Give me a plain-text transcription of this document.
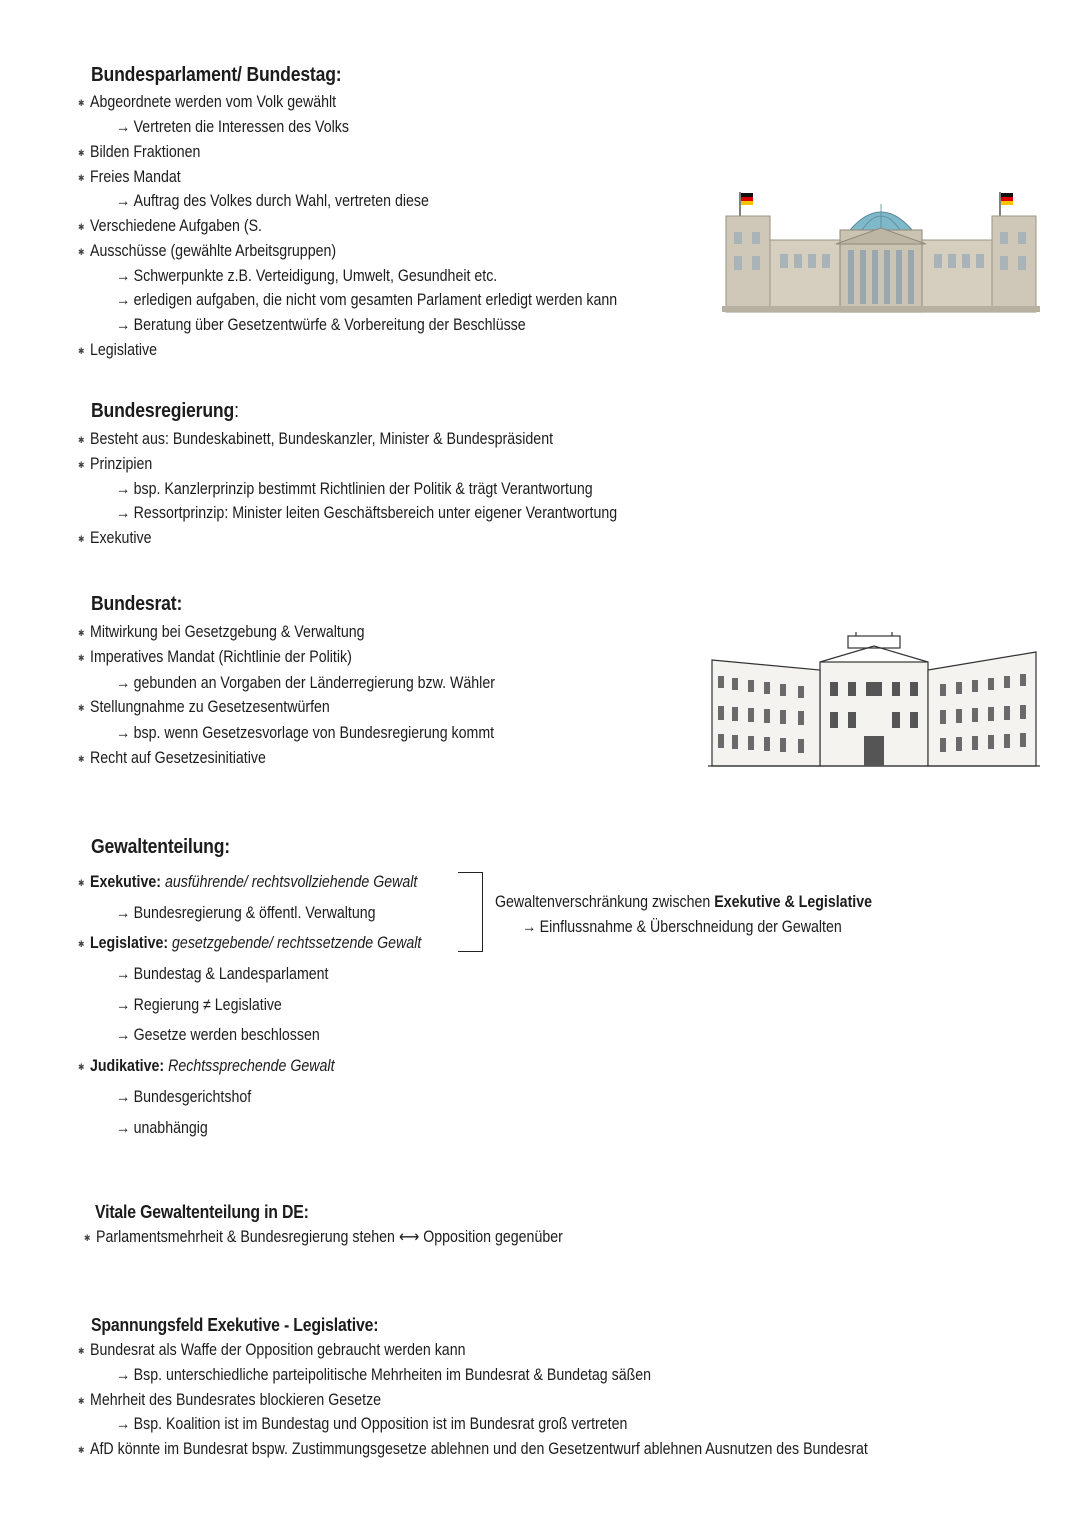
Bundesparlament/ Bundestag:
✱ Abgeordnete werden vom Volk gewählt
→ Vertreten die Interessen des Volks
✱ Bilden Fraktionen
✱ Freies Mandat
→ Auftrag des Volkes durch Wahl, vertreten diese
✱ Verschiedene Aufgaben (S.
✱ Ausschüsse (gewählte Arbeitsgruppen)
→ Schwerpunkte z.B. Verteidigung, Umwelt, Gesundheit etc.
→ erledigen aufgaben, die nicht vom gesamten Parlament erledigt werden kann
→ Beratung über Gesetzentwürfe & Vorbereitung der Beschlüsse
✱ Legislative
Bundesregierung:
✱ Besteht aus: Bundeskabinett, Bundeskanzler, Minister & Bundespräsident
✱ Prinzipien
→ bsp. Kanzlerprinzip bestimmt Richtlinien der Politik & trägt Verantwortung
→ Ressortprinzip: Minister leiten Geschäftsbereich unter eigener Verantwortung
✱ Exekutive
Bundesrat:
✱ Mitwirkung bei Gesetzgebung & Verwaltung
✱ Imperatives Mandat (Richtlinie der Politik)
→ gebunden an Vorgaben der Länderregierung bzw. Wähler
✱ Stellungnahme zu Gesetzesentwürfen
→ bsp. wenn Gesetzesvorlage von Bundesregierung kommt
✱ Recht auf Gesetzesinitiative
Gewaltenteilung:
✱ Exekutive: ausführende/ rechtsvollziehende Gewalt
→ Bundesregierung & öffentl. Verwaltung
✱ Legislative: gesetzgebende/ rechtssetzende Gewalt
→ Bundestag & Landesparlament
→ Regierung ≠ Legislative
→ Gesetze werden beschlossen
✱ Judikative: Rechtssprechende Gewalt
→ Bundesgerichtshof
→ unabhängig
Gewaltenverschränkung zwischen Exekutive & Legislative
→ Einflussnahme & Überschneidung der Gewalten
Vitale Gewaltenteilung in DE:
✱ Parlamentsmehrheit & Bundesregierung stehen ⟷ Opposition gegenüber
Spannungsfeld Exekutive - Legislative:
✱ Bundesrat als Waffe der Opposition gebraucht werden kann
→ Bsp. unterschiedliche parteipolitische Mehrheiten im Bundesrat & Bundetag säßen
✱ Mehrheit des Bundesrates blockieren Gesetze
→ Bsp. Koalition ist im Bundestag und Opposition ist im Bundesrat groß vertreten
✱ AfD könnte im Bundesrat bspw. Zustimmungsgesetze ablehnen und den Gesetzentwurf ablehnen Ausnutzen des Bundesrat
